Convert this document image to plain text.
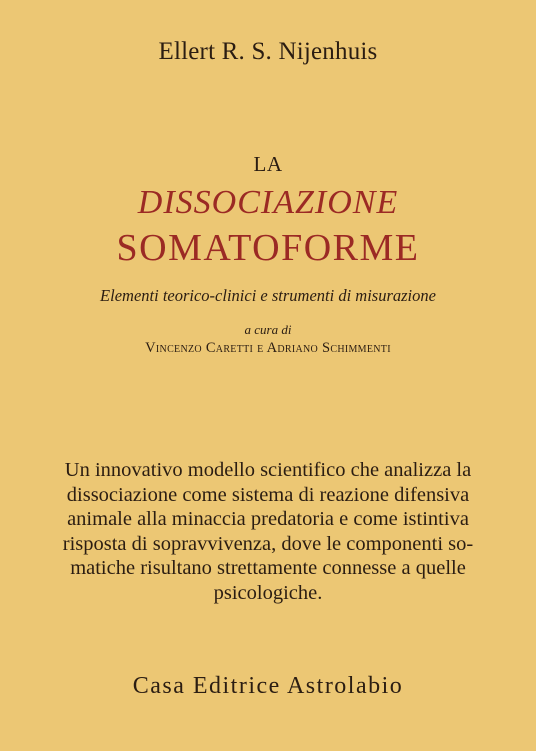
Ellert R. S. Nijenhuis
LA
DISSOCIAZIONE
SOMATOFORME
Elementi teorico-clinici e strumenti di misurazione
a cura di
Vincenzo Caretti e Adriano Schimmenti
Un innovativo modello scientifico che analizza la
dissociazione come sistema di reazione difensiva
animale alla minaccia predatoria e come istintiva
risposta di sopravvivenza, dove le componenti so-
matiche risultano strettamente connesse a quelle
psicologiche.
Casa Editrice Astrolabio
